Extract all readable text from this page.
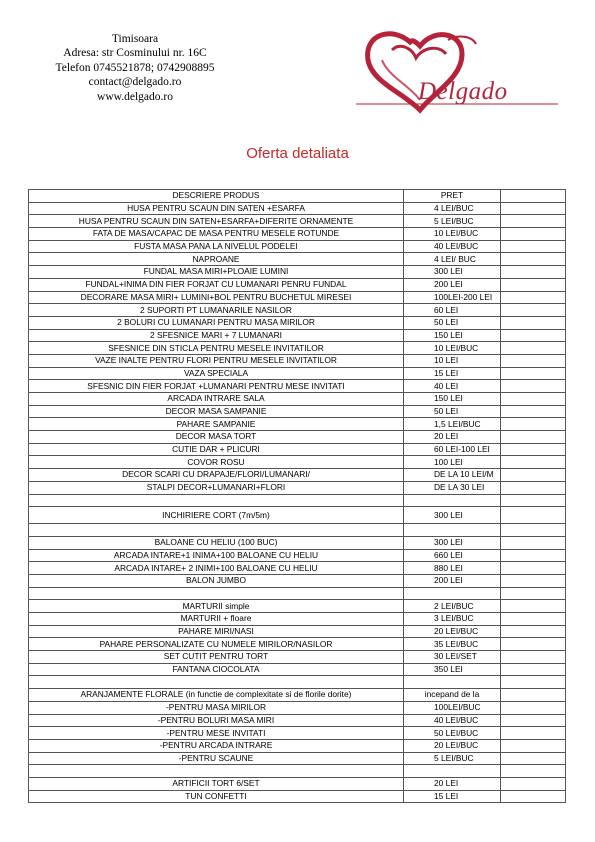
Timisoara
Adresa: str Cosminului nr. 16C
Telefon 0745521878; 0742908895
contact@delgado.ro
www.delgado.ro	Delgado
Oferta detaliata
DESCRIERE PRODUS	PRET	
HUSA PENTRU SCAUN DIN SATEN +ESARFA	4 LEI/BUC	
HUSA PENTRU SCAUN DIN SATEN+ESARFA+DIFERITE ORNAMENTE	5 LEI/BUC	
FATA DE MASA/CAPAC DE MASA PENTRU MESELE ROTUNDE	10 LEI/BUC	
FUSTA MASA PANA LA NIVELUL PODELEI	40 LEI/BUC	
NAPROANE	4 LEI/ BUC	
FUNDAL MASA MIRI+PLOAIE LUMINI	300 LEI	
FUNDAL+INIMA DIN FIER FORJAT CU LUMANARI PENRU FUNDAL	200 LEI	
DECORARE MASA MIRI+ LUMINI+BOL PENTRU BUCHETUL MIRESEI	100LEI-200 LEI	
2 SUPORTI PT LUMANARILE NASILOR	60 LEI	
2 BOLURI CU LUMANARI PENTRU MASA MIRILOR	50 LEI	
2 SFESNICE MARI + 7 LUMANARI	150 LEI	
SFESNICE DIN STICLA PENTRU MESELE INVITATILOR	10 LEI/BUC	
VAZE INALTE PENTRU FLORI PENTRU MESELE INVITATILOR	10 LEI	
VAZA SPECIALA	15 LEI	
SFESNIC DIN FIER FORJAT +LUMANARI PENTRU MESE INVITATI	40 LEI	
ARCADA INTRARE SALA	150 LEI	
DECOR MASA SAMPANIE	50 LEI	
PAHARE SAMPANIE	1,5 LEI/BUC	
DECOR MASA TORT	20 LEI	
CUTIE DAR + PLICURI	60 LEI-100 LEI	
COVOR ROSU	100 LEI	
DECOR SCARI CU DRAPAJE/FLORI/LUMANARI/	DE LA 10 LEI/M	
STALPI DECOR+LUMANARI+FLORI	DE LA 30 LEI	

INCHIRIERE CORT (7m/5m)	300 LEI	

BALOANE CU HELIU (100 BUC)	300 LEI	
ARCADA INTARE+1 INIMA+100 BALOANE CU HELIU	660 LEI	
ARCADA INTARE+ 2 INIMI+100 BALOANE CU HELIU	880 LEI	
BALON JUMBO	200 LEI	

MARTURII simple	2 LEI/BUC	
MARTURII + floare	3 LEI/BUC	
PAHARE MIRI/NASI	20 LEI/BUC	
PAHARE PERSONALIZATE CU NUMELE MIRILOR/NASILOR	35 LEI/BUC	
SET CUTIT PENTRU TORT	30 LEI/SET	
FANTANA CIOCOLATA	350 LEI	

ARANJAMENTE FLORALE (in functie de complexitate si de florile dorite)	incepand de la	
-PENTRU MASA MIRILOR	100LEI/BUC	
-PENTRU BOLURI MASA MIRI	40 LEI/BUC	
-PENTRU MESE INVITATI	50 LEI/BUC	
-PENTRU ARCADA INTRARE	20 LEI/BUC	
-PENTRU SCAUNE	5 LEI/BUC	

ARTIFICII TORT 6/SET	20 LEI	
TUN CONFETTI	15 LEI	
